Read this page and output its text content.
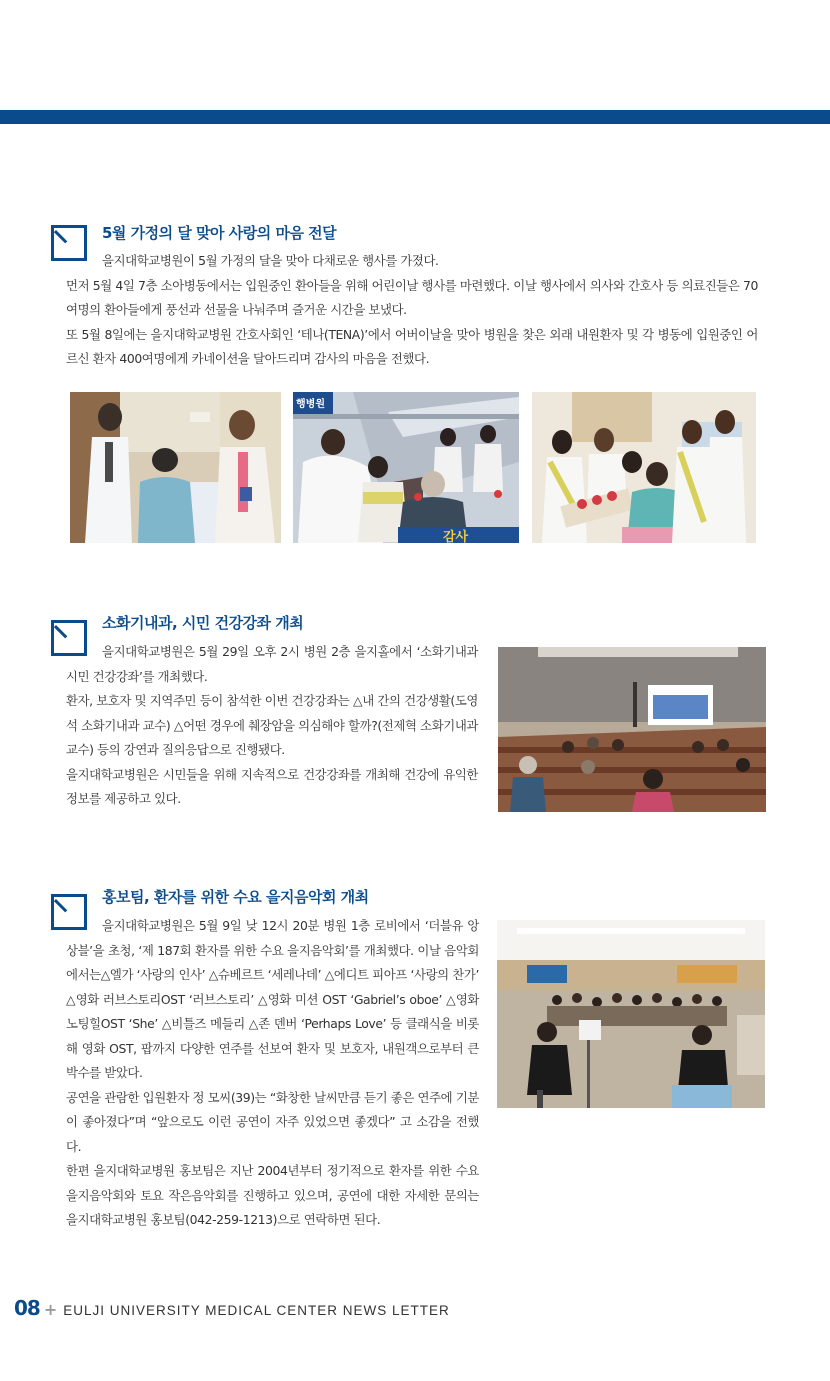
5월 가정의 달 맞아 사랑의 마음 전달

을지대학교병원이 5월 가정의 달을 맞아 다채로운 행사를 가졌다.

먼저 5월 4일 7층 소아병동에서는 입원중인 환아들을 위해 어린이날 행사를 마련했다. 이날 행사에서 의사와 간호사 등 의료진들은 70여명의 환아들에게 풍선과 선물을 나눠주며 즐거운 시간을 보냈다.

또 5월 8일에는 을지대학교병원 간호사회인 ‘테나(TENA)’에서 어버이날을 맞아 병원을 찾은 외래 내원환자 및 각 병동에 입원중인 어르신 환자 400여명에게 카네이션을 달아드리며 감사의 마음을 전했다.

행병원
감사
소화기내과, 시민 건강강좌 개최

을지대학교병원은 5월 29일 오후 2시 병원 2층 을지홀에서 ‘소화기내과 시민 건강강좌’를 개최했다.

환자, 보호자 및 지역주민 등이 참석한 이번 건강강좌는 △내 간의 건강생활(도영석 소화기내과 교수) △어떤 경우에 췌장암을 의심해야 할까?(전제혁 소화기내과 교수) 등의 강연과 질의응답으로 진행됐다.

을지대학교병원은 시민들을 위해 지속적으로 건강강좌를 개최해 건강에 유익한 정보를 제공하고 있다.

홍보팀, 환자를 위한 수요 을지음악회 개최

을지대학교병원은 5월 9일 낮 12시 20분 병원 1층 로비에서 ‘더블유 앙상블’을 초청, ‘제 187회 환자를 위한 수요 을지음악회’를 개최했다. 이날 음악회에서는△엘가 ‘사랑의 인사’ △슈베르트 ‘세레나데’ △에디트 피아프 ‘사랑의 찬가’ △영화 러브스토리OST ‘러브스토리’ △영화 미션 OST ‘Gabriel’s oboe’ △영화 노팅힐OST ‘She’ △비틀즈 메들리 △존 덴버 ‘Perhaps Love’ 등 클래식을 비롯해 영화 OST, 팝까지 다양한 연주를 선보여 환자 및 보호자, 내원객으로부터 큰 박수를 받았다.

공연을 관람한 입원환자 정 모씨(39)는 “화창한 날씨만큼 듣기 좋은 연주에 기분이 좋아졌다”며 “앞으로도 이런 공연이 자주 있었으면 좋겠다” 고 소감을 전했다.

한편 을지대학교병원 홍보팀은 지난 2004년부터 정기적으로 환자를 위한 수요 을지음악회와 토요 작은음악회를 진행하고 있으며, 공연에 대한 자세한 문의는 을지대학교병원 홍보팀(042-259-1213)으로 연락하면 된다.

08 + EULJI UNIVERSITY MEDICAL CENTER NEWS LETTER
